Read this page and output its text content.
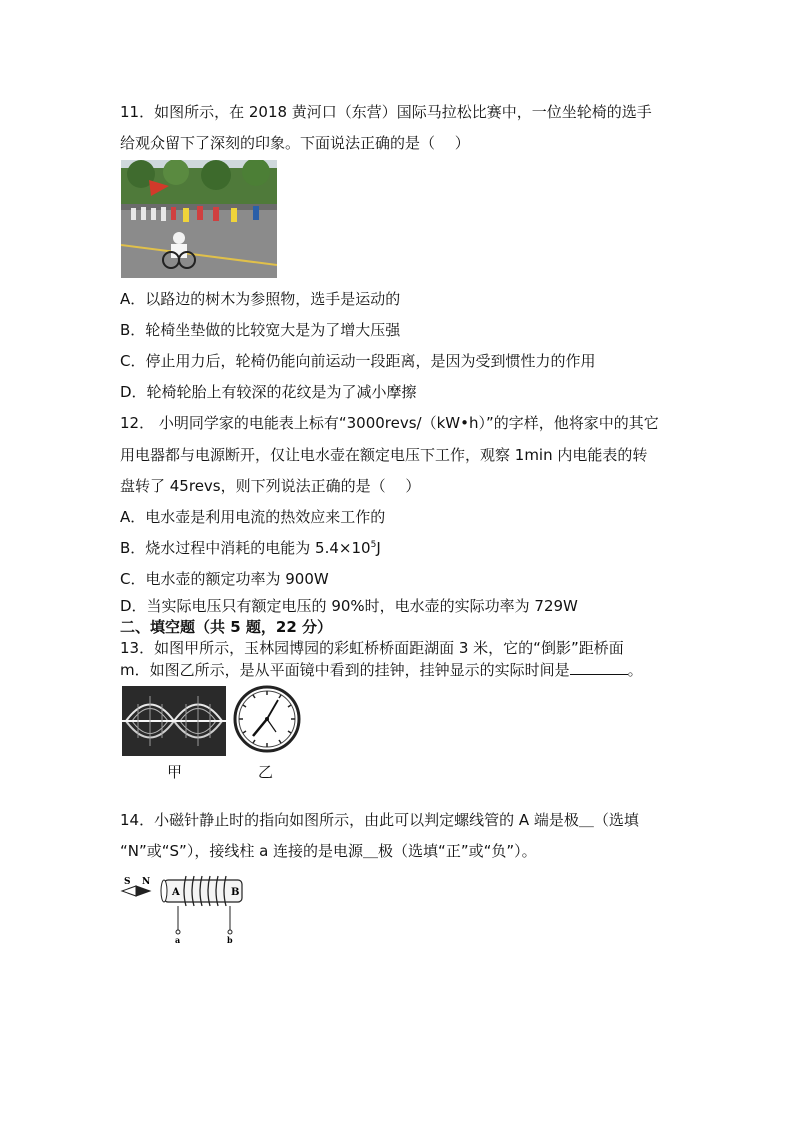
11．如图所示，在 2018 黄河口（东营）国际马拉松比赛中，一位坐轮椅的选手
给观众留下了深刻的印象。下面说法正确的是（　 ）
A．以路边的树木为参照物，选手是运动的
B．轮椅坐垫做的比较宽大是为了增大压强
C．停止用力后，轮椅仍能向前运动一段距离，是因为受到惯性力的作用
D．轮椅轮胎上有较深的花纹是为了减小摩擦
12． 小明同学家的电能表上标有“3000revs/（kW•h）”的字样，他将家中的其它
用电器都与电源断开，仅让电水壶在额定电压下工作，观察 1min 内电能表的转
盘转了 45revs，则下列说法正确的是（　 ）
A．电水壶是利用电流的热效应来工作的
B．烧水过程中消耗的电能为 $5.4\times 10^5J$
C．电水壶的额定功率为 900W
D．当实际电压只有额定电压的 90%时，电水壶的实际功率为 729W
二、填空题（共 5 题，22 分）
13．如图甲所示，玉林园博园的彩虹桥桥面距湖面 3 米，它的“倒影”距桥面
m．如图乙所示，是从平面镜中看到的挂钟，挂钟显示的实际时间是	。
甲	乙
14．小磁针静止时的指向如图所示，由此可以判定螺线管的 A 端是极＿（选填
“N”或“S”），接线柱 a 连接的是电源＿极（选填“正”或“负”）。
S N
A	B
a	b
